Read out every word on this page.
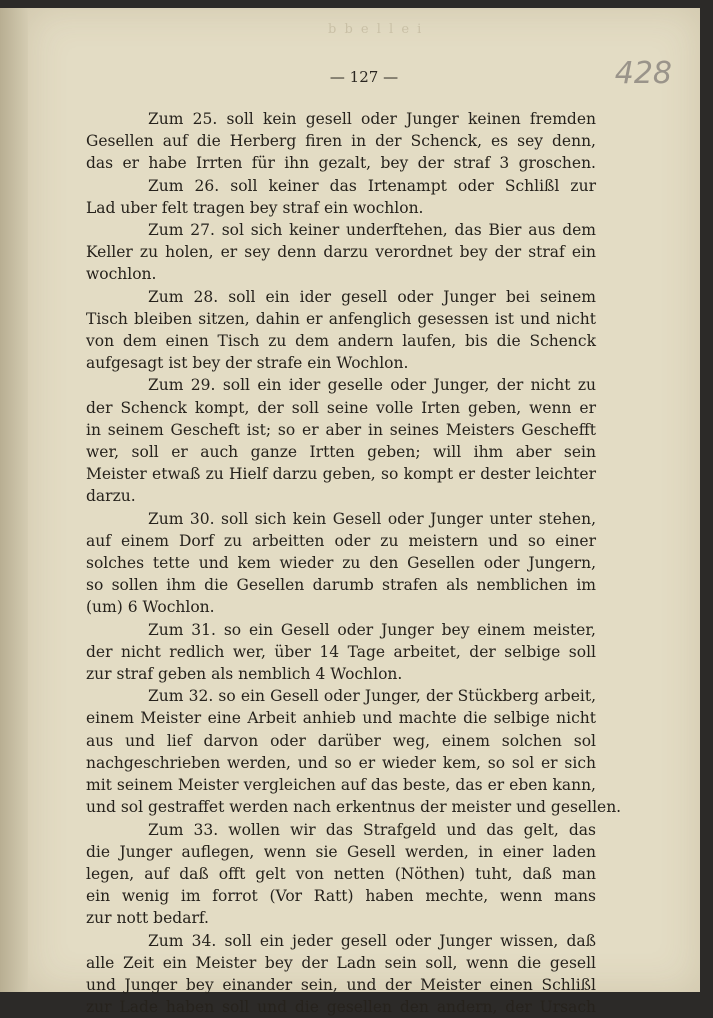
b b e l l e i
— 127 —	428
Zum 25. soll kein gesell oder Junger keinen fremden
Gesellen auf die Herberg firen in der Schenck, es sey denn,
das er habe Irrten für ihn gezalt, bey der straf 3 groschen.
Zum 26. soll keiner das Irtenampt oder Schlißl zur
Lad uber felt tragen bey straf ein wochlon.
Zum 27. sol sich keiner underftehen, das Bier aus dem
Keller zu holen, er sey denn darzu verordnet bey der straf ein
wochlon.
Zum 28. soll ein ider gesell oder Junger bei seinem
Tisch bleiben sitzen, dahin er anfenglich gesessen ist und nicht
von dem einen Tisch zu dem andern laufen, bis die Schenck
aufgesagt ist bey der strafe ein Wochlon.
Zum 29. soll ein ider geselle oder Junger, der nicht zu
der Schenck kompt, der soll seine volle Irten geben, wenn er
in seinem Gescheft ist; so er aber in seines Meisters Geschefft
wer, soll er auch ganze Irtten geben; will ihm aber sein
Meister etwaß zu Hielf darzu geben, so kompt er dester leichter
darzu.
Zum 30. soll sich kein Gesell oder Junger unter stehen,
auf einem Dorf zu arbeitten oder zu meistern und so einer
solches tette und kem wieder zu den Gesellen oder Jungern,
so sollen ihm die Gesellen darumb strafen als nemblichen im
(um) 6 Wochlon.
Zum 31. so ein Gesell oder Junger bey einem meister,
der nicht redlich wer, über 14 Tage arbeitet, der selbige soll
zur straf geben als nemblich 4 Wochlon.
Zum 32. so ein Gesell oder Junger, der Stückberg arbeit,
einem Meister eine Arbeit anhieb und machte die selbige nicht
aus und lief darvon oder darüber weg, einem solchen sol
nachgeschrieben werden, und so er wieder kem, so sol er sich
mit seinem Meister vergleichen auf das beste, das er eben kann,
und sol gestraffet werden nach erkentnus der meister und gesellen.
Zum 33. wollen wir das Strafgeld und das gelt, das
die Junger auflegen, wenn sie Gesell werden, in einer laden
legen, auf daß offt gelt von netten (Nöthen) tuht, daß man
ein wenig im forrot (Vor Ratt) haben mechte, wenn mans
zur nott bedarf.
Zum 34. soll ein jeder gesell oder Junger wissen, daß
alle Zeit ein Meister bey der Ladn sein soll, wenn die gesell
und Junger bey einander sein, und der Meister einen Schlißl
zur Lade haben soll und die gesellen den andern, der Ursach
